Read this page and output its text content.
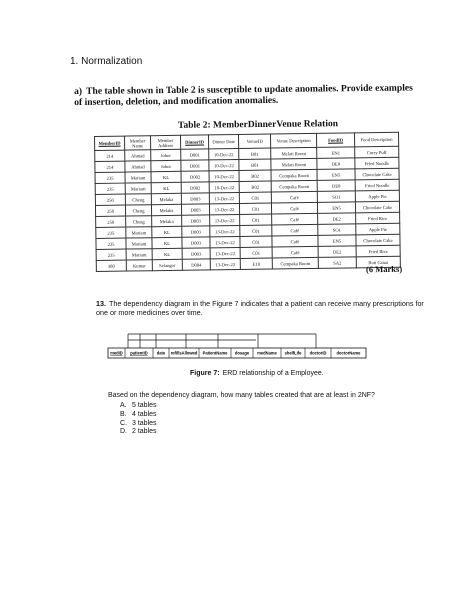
1. Normalization
a) The table shown in Table 2 is susceptible to update anomalies. Provide examples of insertion, deletion, and modification anomalies.
Table 2: MemberDinnerVenue Relation
MemberID	Member Name	Member Address	DinnerID	Dinner Date	VenueID	Venue Description	FoodID	Food Description
214	Ahmad	Johor	D001	10-Dec-22	B01	Melati Room	EN1	Curry Puff
214	Ahmad	Johor	D001	10-Dec-22	B01	Melati Room	DE8	Fried Noodle
235	Mariam	KL	D002	10-Dec-22	B02	Cempaka Room	EN5	Chocolate Cake
235	Mariam	KL	D002	10-Dec-22	B02	Cempaka Room	DE8	Fried Noodle
250	Cheng	Melaka	D003	13-Dec-22	C01	Café	SO1	Apple Pie
250	Cheng	Melaka	D003	13-Dec-22	C01	Café	EN5	Chocolate Cake
250	Cheng	Melaka	D003	13-Dec-22	C01	Café	DE2	Fried Rice
235	Mariam	KL	D003	13-Dec-22	C01	Café	SO1	Apple Pie
235	Mariam	KL	D003	13-Dec-22	C01	Café	EN5	Chocolate Cake
235	Mariam	KL	D003	13-Dec-22	C01	Café	DE2	Fried Rice
300	Kumar	Selangor	D004	13-Dec-22	E10	Cempaka Room	SA2	Roti Canai
(6 Marks)
13. The dependency diagram in the Figure 7 indicates that a patient can receive many prescriptions for one or more medicines over time.
medID patientID date refillsAllowed PatientName dosage medName shelfLife doctorID doctorName
Figure 7: ERD relationship of a Employee.
Based on the dependency diagram, how many tables created that are at least in 2NF?
A. 5 tables
B. 4 tables
C. 3 tables
D. 2 tables
